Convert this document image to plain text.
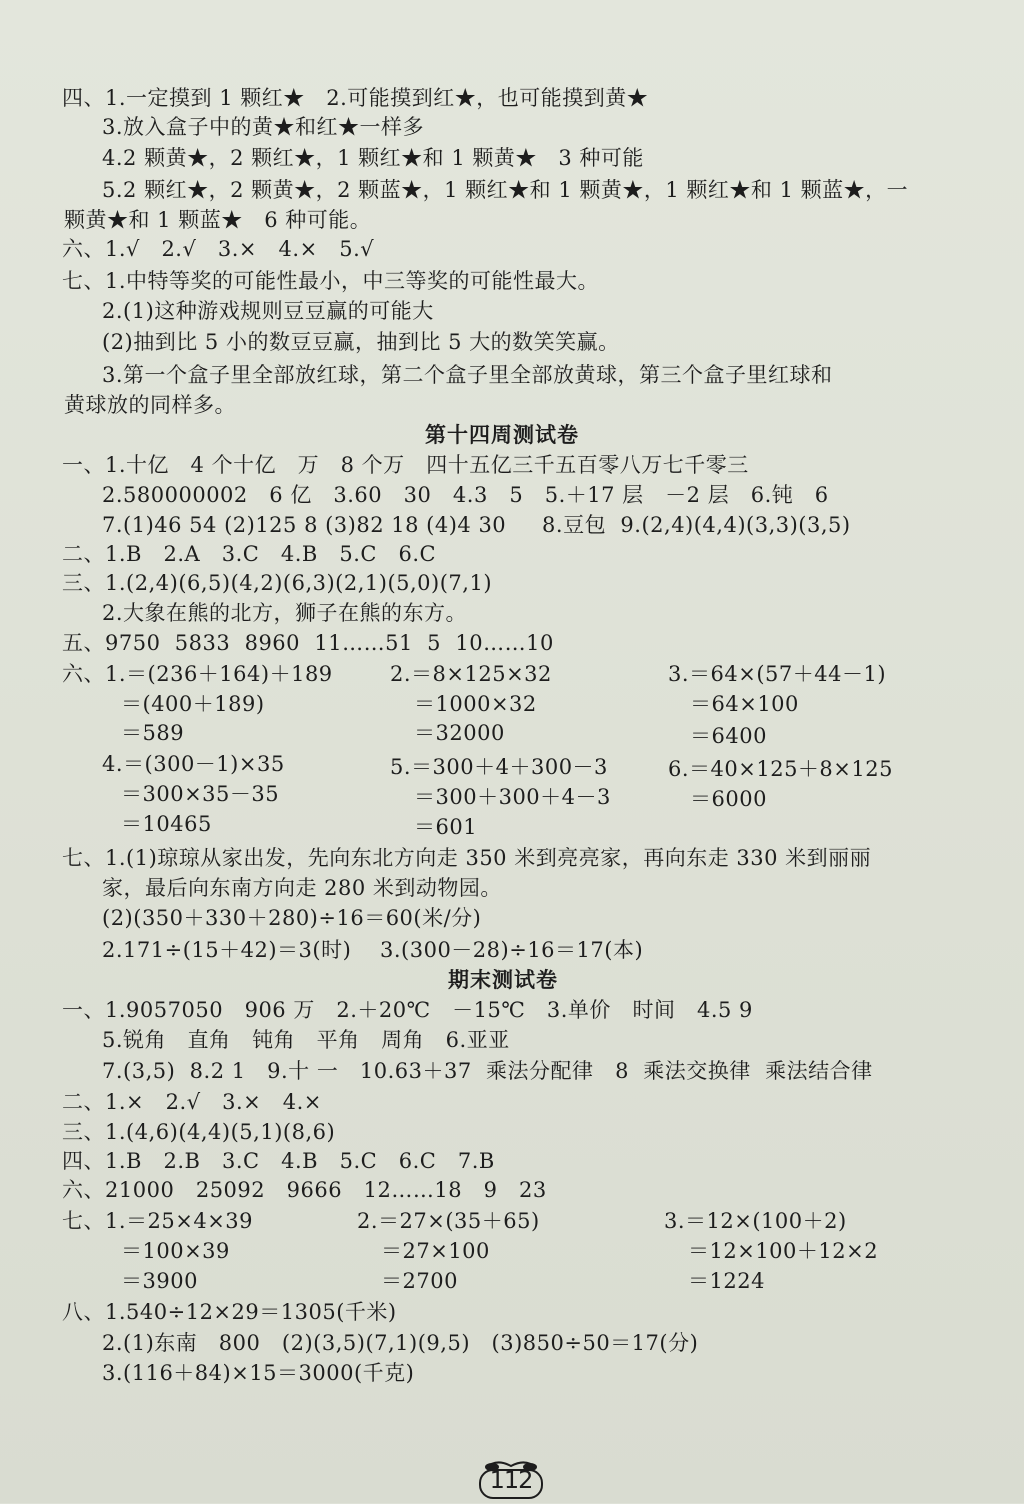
四、1.一定摸到 1 颗红★   2.可能摸到红★，也可能摸到黄★
3.放入盒子中的黄★和红★一样多
4.2 颗黄★，2 颗红★，1 颗红★和 1 颗黄★   3 种可能
5.2 颗红★，2 颗黄★，2 颗蓝★，1 颗红★和 1 颗黄★，1 颗红★和 1 颗蓝★，一
颗黄★和 1 颗蓝★   6 种可能。
六、1.√   2.√   3.×   4.×   5.√
七、1.中特等奖的可能性最小，中三等奖的可能性最大。
2.(1)这种游戏规则豆豆赢的可能大
(2)抽到比 5 小的数豆豆赢，抽到比 5 大的数笑笑赢。
3.第一个盒子里全部放红球，第二个盒子里全部放黄球，第三个盒子里红球和
黄球放的同样多。
第十四周测试卷
一、1.十亿   4 个十亿   万   8 个万   四十五亿三千五百零八万七千零三
2.580000002   6 亿   3.60   30   4.3   5   5.＋17 层   －2 层   6.钝   6
7.(1)46 54 (2)125 8 (3)82 18 (4)4 30     8.豆包  9.(2,4)(4,4)(3,3)(3,5)
二、1.B   2.A   3.C   4.B   5.C   6.C
三、1.(2,4)(6,5)(4,2)(6,3)(2,1)(5,0)(7,1)
2.大象在熊的北方，狮子在熊的东方。
五、9750  5833  8960  11……51  5  10……10
六、1.＝(236＋164)＋189	2.＝8×125×32	3.＝64×(57＋44－1)
＝(400＋189)	＝1000×32	＝64×100
＝589	＝32000	＝6400
4.＝(300－1)×35	5.＝300＋4＋300－3	6.＝40×125＋8×125
＝300×35－35	＝300＋300＋4－3	＝6000
＝10465	＝601
七、1.(1)琼琼从家出发，先向东北方向走 350 米到亮亮家，再向东走 330 米到丽丽
家，最后向东南方向走 280 米到动物园。
(2)(350＋330＋280)÷16＝60(米/分)
2.171÷(15＋42)＝3(时)    3.(300－28)÷16＝17(本)
期末测试卷
一、1.9057050   906 万   2.＋20℃   －15℃   3.单价   时间   4.5 9
5.锐角   直角   钝角   平角   周角   6.亚亚
7.(3,5)  8.2 1   9.十 一   10.63＋37  乘法分配律   8  乘法交换律  乘法结合律
二、1.×   2.√   3.×   4.×
三、1.(4,6)(4,4)(5,1)(8,6)
四、1.B   2.B   3.C   4.B   5.C   6.C   7.B
六、21000   25092   9666   12……18   9   23
七、1.＝25×4×39	2.＝27×(35＋65)	3.＝12×(100＋2)
＝100×39	＝27×100	＝12×100＋12×2
＝3900	＝2700	＝1224
八、1.540÷12×29＝1305(千米)
2.(1)东南   800   (2)(3,5)(7,1)(9,5)   (3)850÷50＝17(分)
3.(116＋84)×15＝3000(千克)
112
